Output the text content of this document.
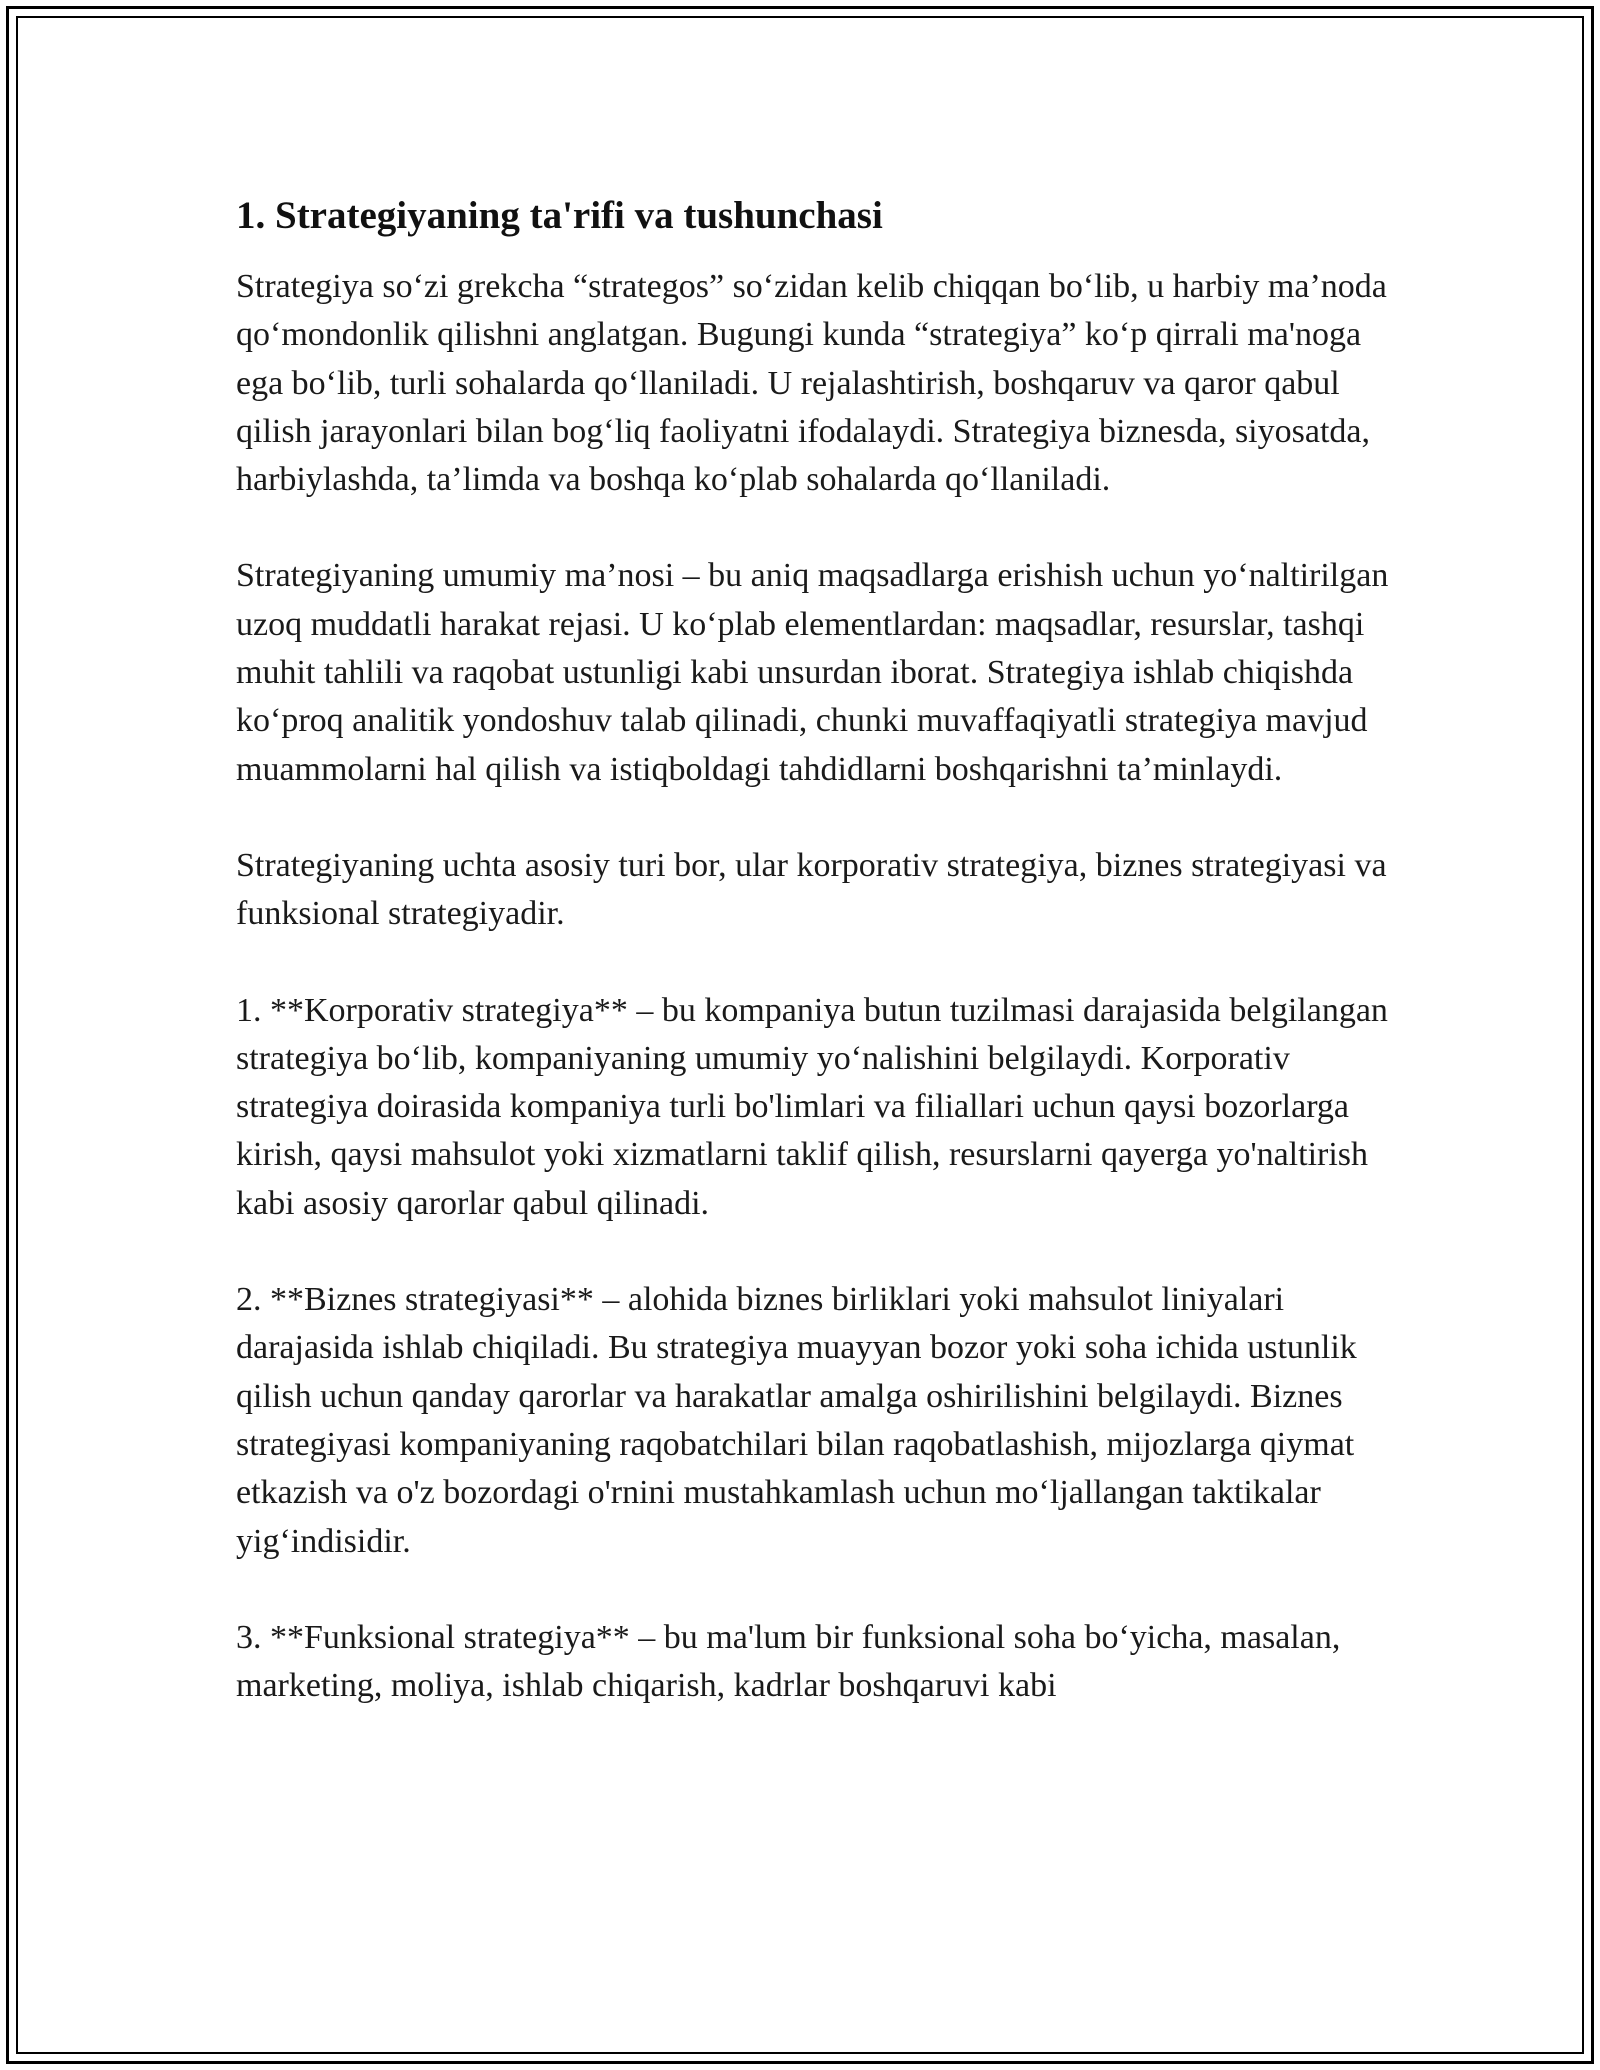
1. Strategiyaning ta'rifi va tushunchasi

Strategiya so‘zi grekcha “strategos” so‘zidan kelib chiqqan bo‘lib, u harbiy ma’noda qo‘mondonlik qilishni anglatgan. Bugungi kunda “strategiya” ko‘p qirrali ma'noga ega bo‘lib, turli sohalarda qo‘llaniladi. U rejalashtirish, boshqaruv va qaror qabul qilish jarayonlari bilan bog‘liq faoliyatni ifodalaydi. Strategiya biznesda, siyosatda, harbiylashda, ta’limda va boshqa ko‘plab sohalarda qo‘llaniladi.

Strategiyaning umumiy ma’nosi – bu aniq maqsadlarga erishish uchun yo‘naltirilgan uzoq muddatli harakat rejasi. U ko‘plab elementlardan: maqsadlar, resurslar, tashqi muhit tahlili va raqobat ustunligi kabi unsurdan iborat. Strategiya ishlab chiqishda ko‘proq analitik yondoshuv talab qilinadi, chunki muvaffaqiyatli strategiya mavjud muammolarni hal qilish va istiqboldagi tahdidlarni boshqarishni ta’minlaydi.

Strategiyaning uchta asosiy turi bor, ular korporativ strategiya, biznes strategiyasi va funksional strategiyadir.

1. **Korporativ strategiya** – bu kompaniya butun tuzilmasi darajasida belgilangan strategiya bo‘lib, kompaniyaning umumiy yo‘nalishini belgilaydi. Korporativ strategiya doirasida kompaniya turli bo'limlari va filiallari uchun qaysi bozorlarga kirish, qaysi mahsulot yoki xizmatlarni taklif qilish, resurslarni qayerga yo'naltirish kabi asosiy qarorlar qabul qilinadi.

2. **Biznes strategiyasi** – alohida biznes birliklari yoki mahsulot liniyalari darajasida ishlab chiqiladi. Bu strategiya muayyan bozor yoki soha ichida ustunlik qilish uchun qanday qarorlar va harakatlar amalga oshirilishini belgilaydi. Biznes strategiyasi kompaniyaning raqobatchilari bilan raqobatlashish, mijozlarga qiymat etkazish va o'z bozordagi o'rnini mustahkamlash uchun mo‘ljallangan taktikalar yig‘indisidir.

3. **Funksional strategiya** – bu ma'lum bir funksional soha bo‘yicha, masalan, marketing, moliya, ishlab chiqarish, kadrlar boshqaruvi kabi
